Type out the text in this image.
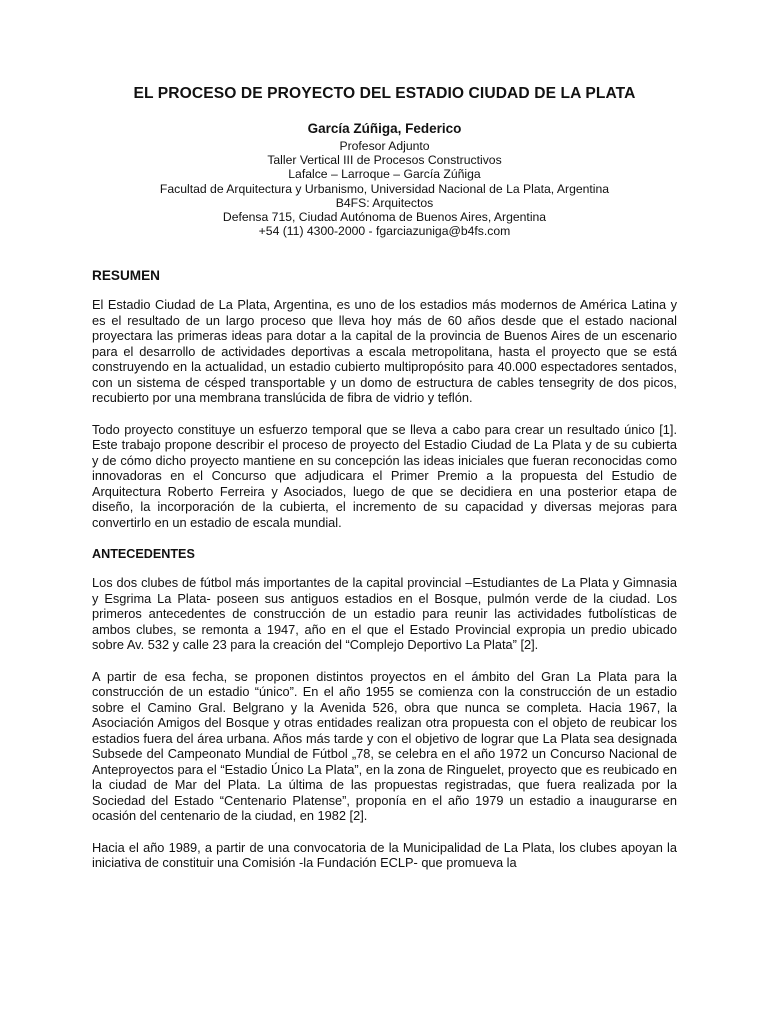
EL PROCESO DE PROYECTO DEL ESTADIO CIUDAD DE LA PLATA
García Zúñiga, Federico

Profesor Adjunto

Taller Vertical III de Procesos Constructivos

Lafalce – Larroque – García Zúñiga

Facultad de Arquitectura y Urbanismo, Universidad Nacional de La Plata, Argentina

B4FS: Arquitectos

Defensa 715, Ciudad Autónoma de Buenos Aires, Argentina

+54 (11) 4300-2000 - fgarciazuniga@b4fs.com

RESUMEN

El Estadio Ciudad de La Plata, Argentina, es uno de los estadios más modernos de América Latina y es el resultado de un largo proceso que lleva hoy más de 60 años desde que el estado nacional proyectara las primeras ideas para dotar a la capital de la provincia de Buenos Aires de un escenario para el desarrollo de actividades deportivas a escala metropolitana, hasta el proyecto que se está construyendo en la actualidad, un estadio cubierto multipropósito para 40.000 espectadores sentados, con un sistema de césped transportable y un domo de estructura de cables tensegrity de dos picos, recubierto por una membrana translúcida de fibra de vidrio y teflón.

Todo proyecto constituye un esfuerzo temporal que se lleva a cabo para crear un resultado único [1]. Este trabajo propone describir el proceso de proyecto del Estadio Ciudad de La Plata y de su cubierta y de cómo dicho proyecto mantiene en su concepción las ideas iniciales que fueran reconocidas como innovadoras en el Concurso que adjudicara el Primer Premio a la propuesta del Estudio de Arquitectura Roberto Ferreira y Asociados, luego de que se decidiera en una posterior etapa de diseño, la incorporación de la cubierta, el incremento de su capacidad y diversas mejoras para convertirlo en un estadio de escala mundial.

ANTECEDENTES

Los dos clubes de fútbol más importantes de la capital provincial –Estudiantes de La Plata y Gimnasia y Esgrima La Plata- poseen sus antiguos estadios en el Bosque, pulmón verde de la ciudad. Los primeros antecedentes de construcción de un estadio para reunir las actividades futbolísticas de ambos clubes, se remonta a 1947, año en el que el Estado Provincial expropia un predio ubicado sobre Av. 532 y calle 23 para la creación del “Complejo Deportivo La Plata” [2].

A partir de esa fecha, se proponen distintos proyectos en el ámbito del Gran La Plata para la construcción de un estadio “único”. En el año 1955 se comienza con la construcción de un estadio sobre el Camino Gral. Belgrano y la Avenida 526, obra que nunca se completa. Hacia 1967, la Asociación Amigos del Bosque y otras entidades realizan otra propuesta con el objeto de reubicar los estadios fuera del área urbana. Años más tarde y con el objetivo de lograr que La Plata sea designada Subsede del Campeonato Mundial de Fútbol „78, se celebra en el año 1972 un Concurso Nacional de Anteproyectos para el “Estadio Único La Plata”, en la zona de Ringuelet, proyecto que es reubicado en la ciudad de Mar del Plata. La última de las propuestas registradas, que fuera realizada por la Sociedad del Estado “Centenario Platense”, proponía en el año 1979 un estadio a inaugurarse en ocasión del centenario de la ciudad, en 1982 [2].

Hacia el año 1989, a partir de una convocatoria de la Municipalidad de La Plata, los clubes apoyan la iniciativa de constituir una Comisión -la Fundación ECLP- que promueva la
